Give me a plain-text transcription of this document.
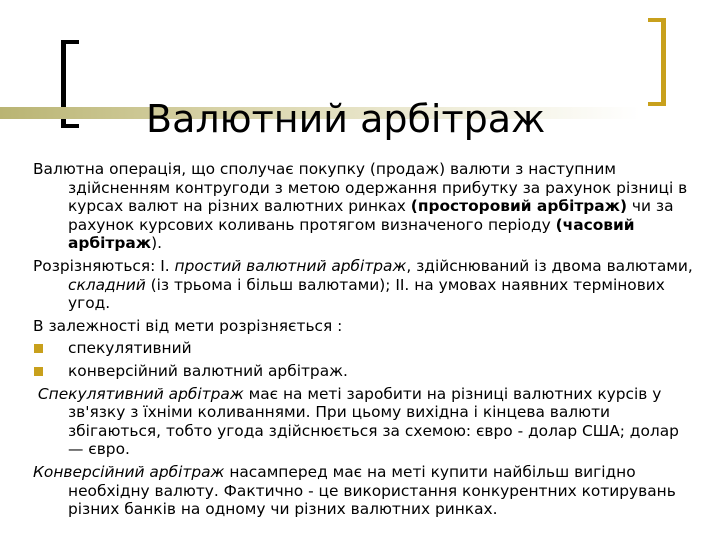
Валютний арбітраж

Валютна операція, що сполучає покупку (продаж) валюти з наступним здійсненням контругоди з метою одержання прибутку за рахунок різниці в курсах валют на різних валютних ринках (просторовий арбітраж) чи за рахунок курсових коливань протягом визначеного періоду (часовий арбітраж).

Розрізняються: І. простий валютний арбітраж, здійснюваний із двома валютами, складний (із трьома і більш валютами); ІІ. на умовах наявних термінових угод.

В залежності від мети розрізняється :

спекулятивний
конверсійний валютний арбітраж.

Спекулятивний арбітраж має на меті заробити на різниці валютних курсів у зв'язку з їхніми коливаннями. При цьому вихідна і кінцева валюти збігаються, тобто угода здійснюється за схемою: євро - долар США; долар — євро.

Конверсійний арбітраж насамперед має на меті купити найбільш вигідно необхідну валюту. Фактично - це використання конкурентних котирувань різних банків на одному чи різних валютних ринках.
